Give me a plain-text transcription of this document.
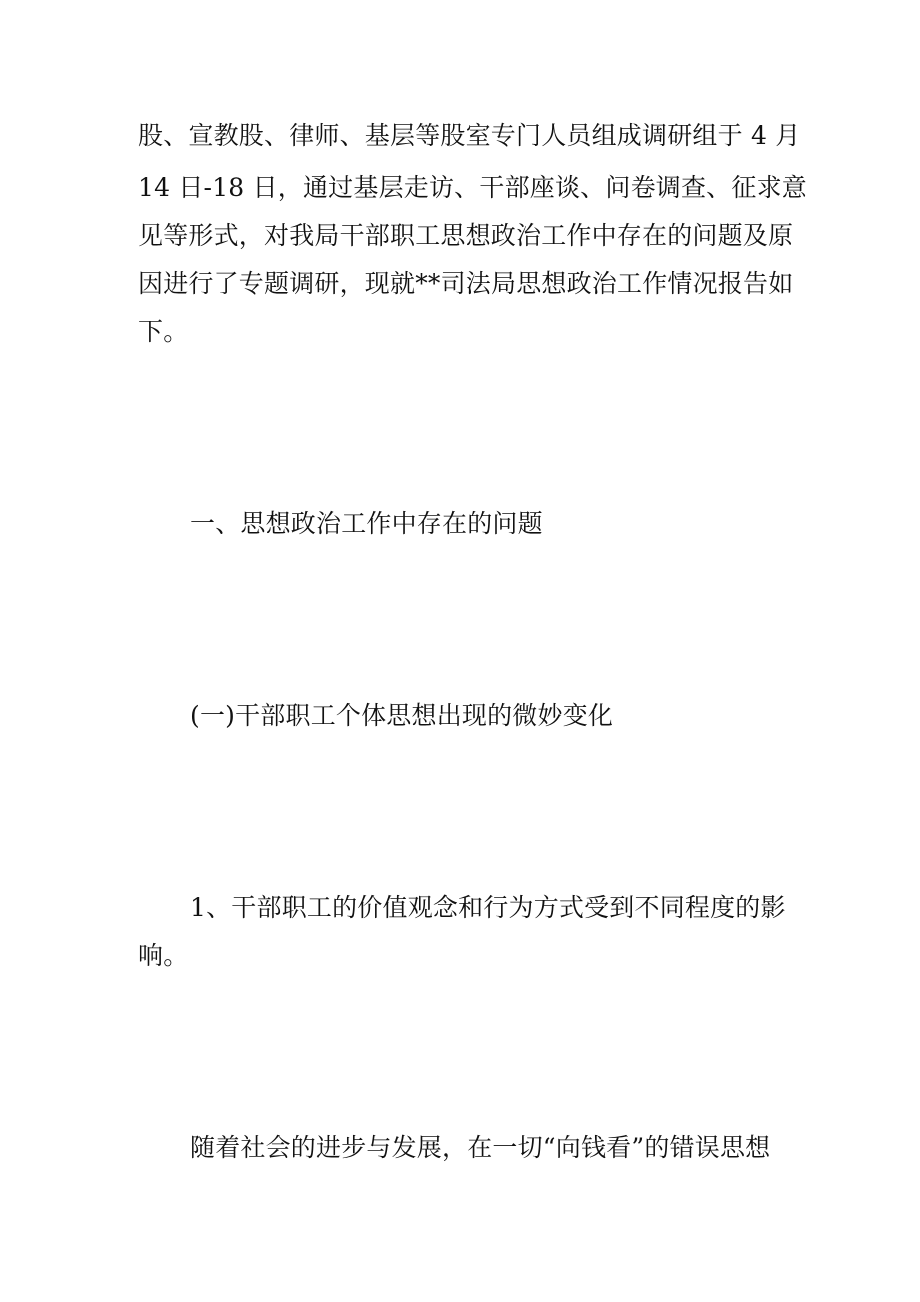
股、宣教股、律师、基层等股室专门人员组成调研组于 4 月
14 日-18 日，通过基层走访、干部座谈、问卷调查、征求意
见等形式，对我局干部职工思想政治工作中存在的问题及原
因进行了专题调研，现就**司法局思想政治工作情况报告如
下。
一、思想政治工作中存在的问题
(一)干部职工个体思想出现的微妙变化
1、干部职工的价值观念和行为方式受到不同程度的影
响。
随着社会的进步与发展，在一切“向钱看”的错误思想
